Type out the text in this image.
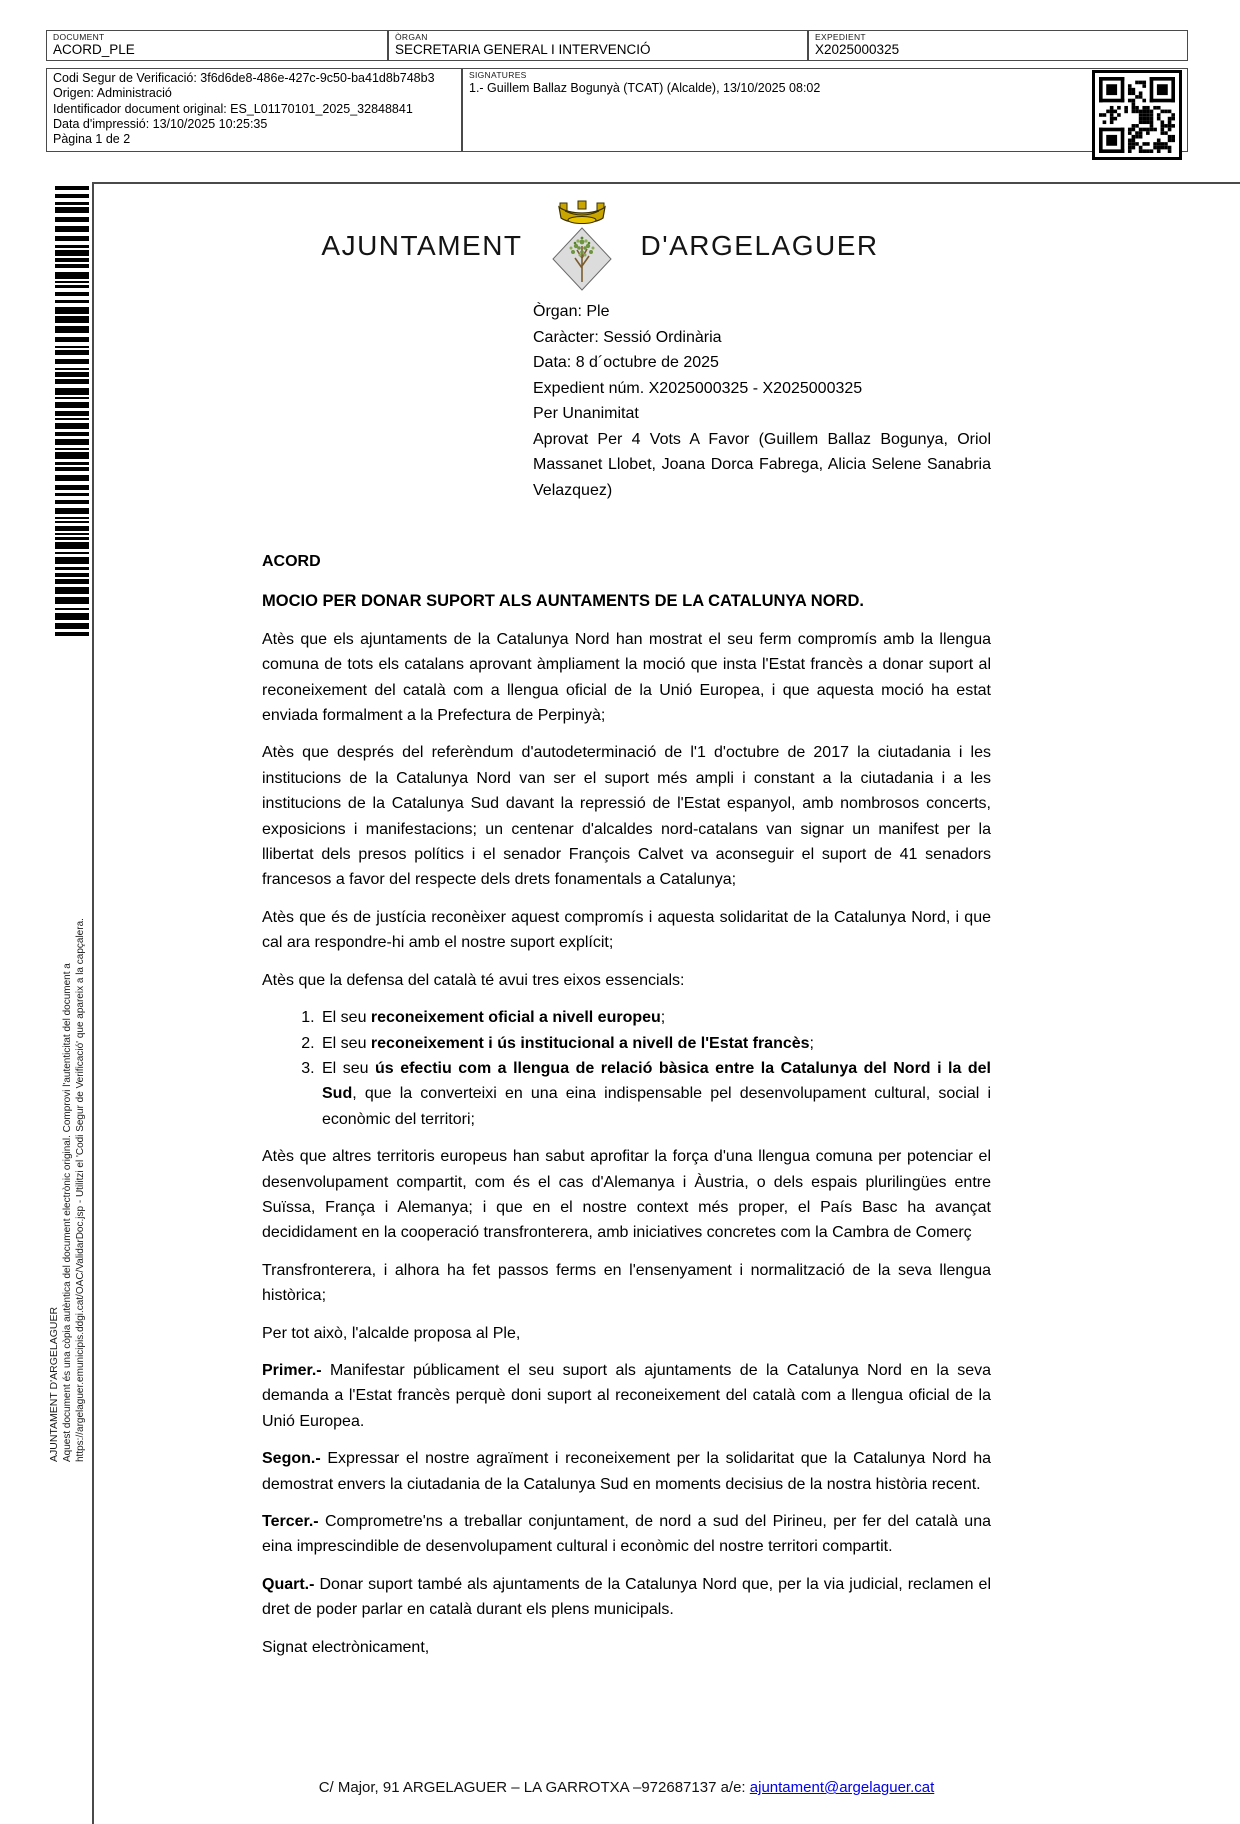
DOCUMENT
ACORD_PLE
ÒRGAN
SECRETARIA GENERAL I INTERVENCIÓ
EXPEDIENT
X2025000325
Codi Segur de Verificació: 3f6d6de8-486e-427c-9c50-ba41d8b748b3
Origen: Administració
Identificador document original: ES_L01170101_2025_32848841
Data d'impressió: 13/10/2025 10:25:35
Pàgina 1 de 2
SIGNATURES
1.- Guillem Ballaz Bogunyà (TCAT) (Alcalde), 13/10/2025 08:02
AJUNTAMENT D'ARGELAGUER Aquest document és una còpia autèntica del document electrònic original. Comprovi l'autenticitat del document a https://argelaguer.emunicipis.ddgi.cat/OAC/ValidarDoc.jsp - Utilitzi el 'Codi Segur de Verificació' que apareix a la capçalera.
AJUNTAMENT	D'ARGELAGUER
Òrgan: Ple
Caràcter: Sessió Ordinària
Data: 8 d´octubre de 2025
Expedient núm. X2025000325 - X2025000325
Per Unanimitat
Aprovat Per 4 Vots A Favor (Guillem Ballaz Bogunya, Oriol Massanet Llobet, Joana Dorca Fabrega, Alicia Selene Sanabria Velazquez)
ACORD
MOCIO PER DONAR SUPORT ALS AUNTAMENTS DE LA CATALUNYA NORD.

Atès que els ajuntaments de la Catalunya Nord han mostrat el seu ferm compromís amb la llengua comuna de tots els catalans aprovant àmpliament la moció que insta l'Estat francès a donar suport al reconeixement del català com a llengua oficial de la Unió Europea, i que aquesta moció ha estat enviada formalment a la Prefectura de Perpinyà;

Atès que després del referèndum d'autodeterminació de l'1 d'octubre de 2017 la ciutadania i les institucions de la Catalunya Nord van ser el suport més ampli i constant a la ciutadania i a les institucions de la Catalunya Sud davant la repressió de l'Estat espanyol, amb nombrosos concerts, exposicions i manifestacions; un centenar d'alcaldes nord-catalans van signar un manifest per la llibertat dels presos polítics i el senador François Calvet va aconseguir el suport de 41 senadors francesos a favor del respecte dels drets fonamentals a Catalunya;

Atès que és de justícia reconèixer aquest compromís i aquesta solidaritat de la Catalunya Nord, i que cal ara respondre-hi amb el nostre suport explícit;

Atès que la defensa del català té avui tres eixos essencials:

1. El seu reconeixement oficial a nivell europeu;
2. El seu reconeixement i ús institucional a nivell de l'Estat francès;
3. El seu ús efectiu com a llengua de relació bàsica entre la Catalunya del Nord i la del Sud, que la converteixi en una eina indispensable pel desenvolupament cultural, social i econòmic del territori;

Atès que altres territoris europeus han sabut aprofitar la força d'una llengua comuna per potenciar el desenvolupament compartit, com és el cas d'Alemanya i Àustria, o dels espais plurilingües entre Suïssa, França i Alemanya; i que en el nostre context més proper, el País Basc ha avançat decididament en la cooperació transfronterera, amb iniciatives concretes com la Cambra de Comerç

Transfronterera, i alhora ha fet passos ferms en l'ensenyament i normalització de la seva llengua històrica;

Per tot això, l'alcalde proposa al Ple,

Primer.- Manifestar públicament el seu suport als ajuntaments de la Catalunya Nord en la seva demanda a l'Estat francès perquè doni suport al reconeixement del català com a llengua oficial de la Unió Europea.

Segon.- Expressar el nostre agraïment i reconeixement per la solidaritat que la Catalunya Nord ha demostrat envers la ciutadania de la Catalunya Sud en moments decisius de la nostra història recent.

Tercer.- Comprometre'ns a treballar conjuntament, de nord a sud del Pirineu, per fer del català una eina imprescindible de desenvolupament cultural i econòmic del nostre territori compartit.

Quart.- Donar suport també als ajuntaments de la Catalunya Nord que, per la via judicial, reclamen el dret de poder parlar en català durant els plens municipals.

Signat electrònicament,

C/ Major, 91 ARGELAGUER – LA GARROTXA –972687137 a/e: ajuntament@argelaguer.cat
